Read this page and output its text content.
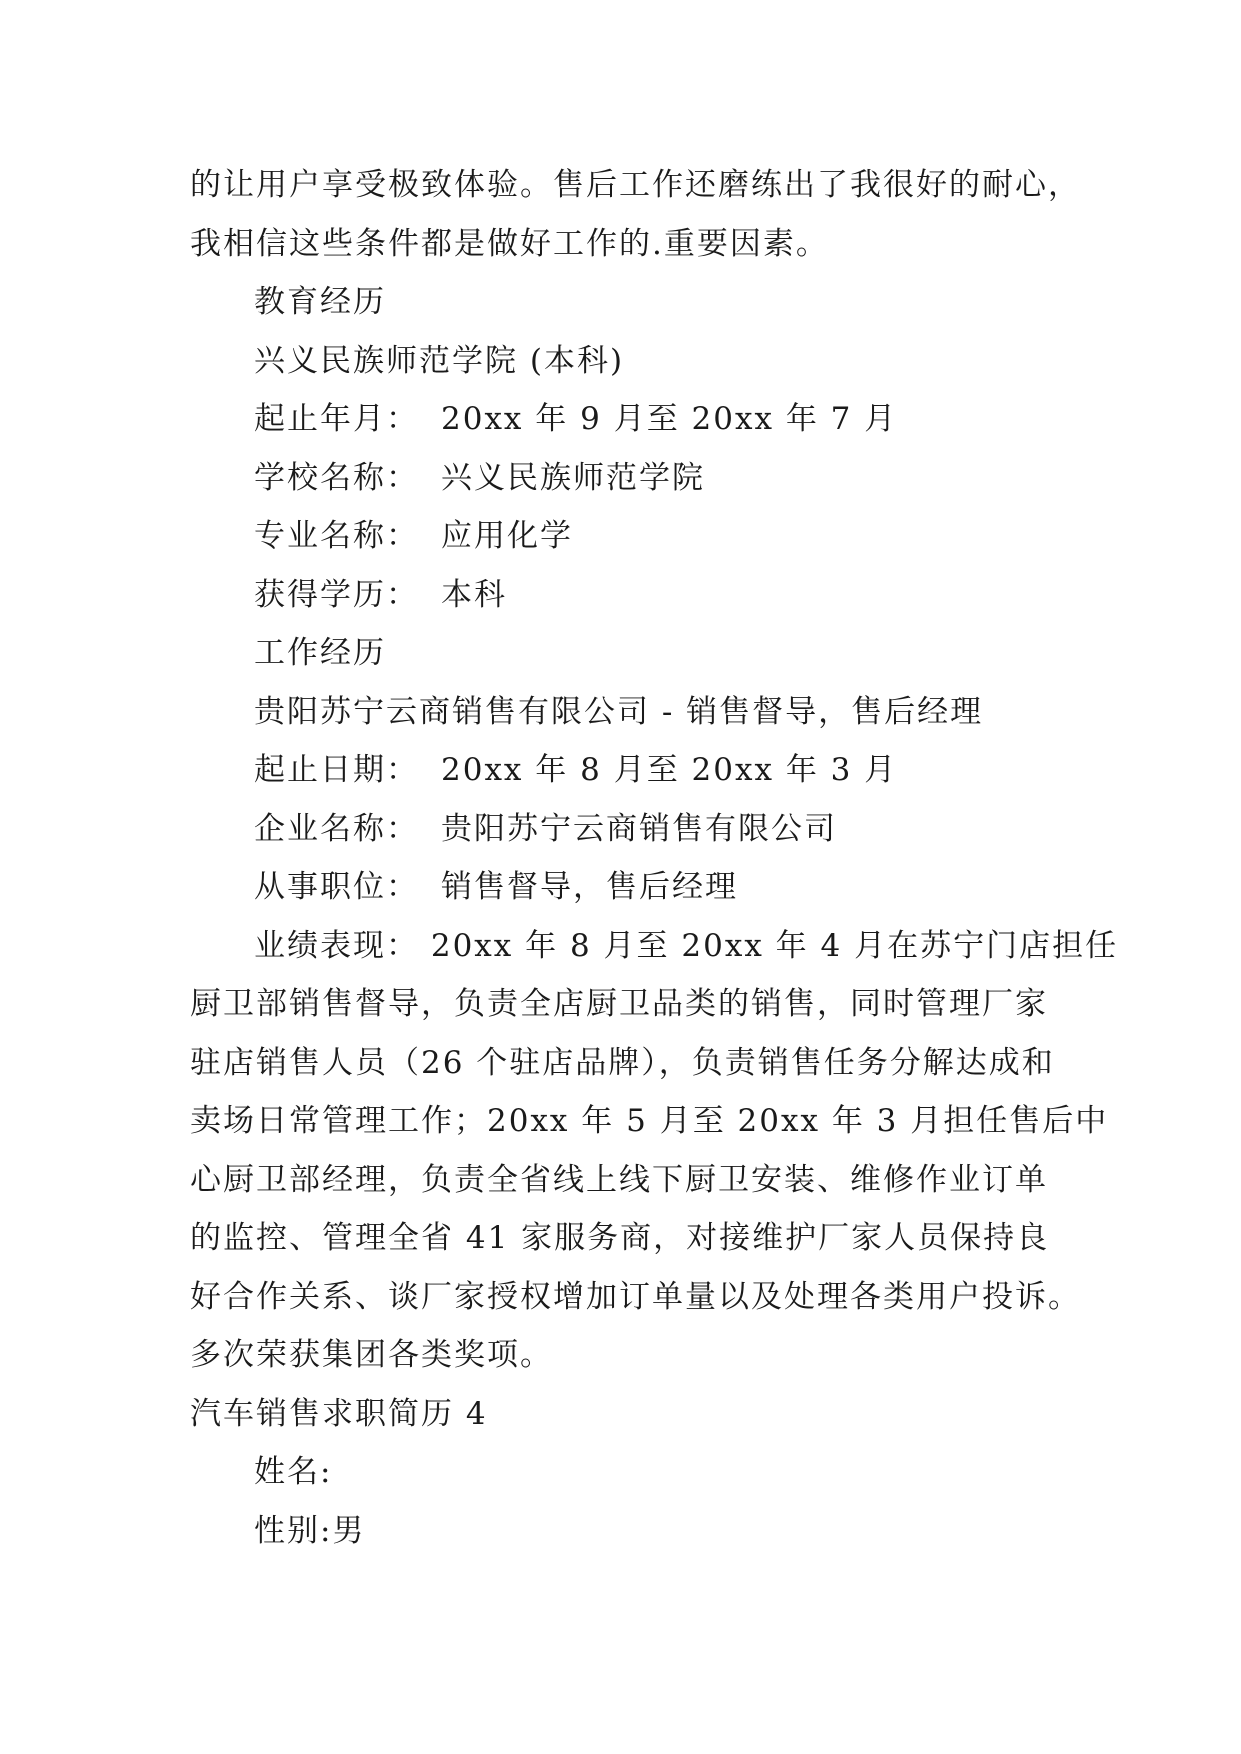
的让用户享受极致体验。售后工作还磨练出了我很好的耐心，
我相信这些条件都是做好工作的.重要因素。
教育经历
兴义民族师范学院 (本科)
起止年月： 20xx 年 9 月至 20xx 年 7 月
学校名称： 兴义民族师范学院
专业名称： 应用化学
获得学历： 本科
工作经历
贵阳苏宁云商销售有限公司 - 销售督导，售后经理
起止日期： 20xx 年 8 月至 20xx 年 3 月
企业名称： 贵阳苏宁云商销售有限公司
从事职位： 销售督导，售后经理
业绩表现： 20xx 年 8 月至 20xx 年 4 月在苏宁门店担任
厨卫部销售督导，负责全店厨卫品类的销售，同时管理厂家
驻店销售人员（26 个驻店品牌），负责销售任务分解达成和
卖场日常管理工作；20xx 年 5 月至 20xx 年 3 月担任售后中
心厨卫部经理，负责全省线上线下厨卫安装、维修作业订单
的监控、管理全省 41 家服务商，对接维护厂家人员保持良
好合作关系、谈厂家授权增加订单量以及处理各类用户投诉。
多次荣获集团各类奖项。
汽车销售求职简历 4
姓名:
性别:男
